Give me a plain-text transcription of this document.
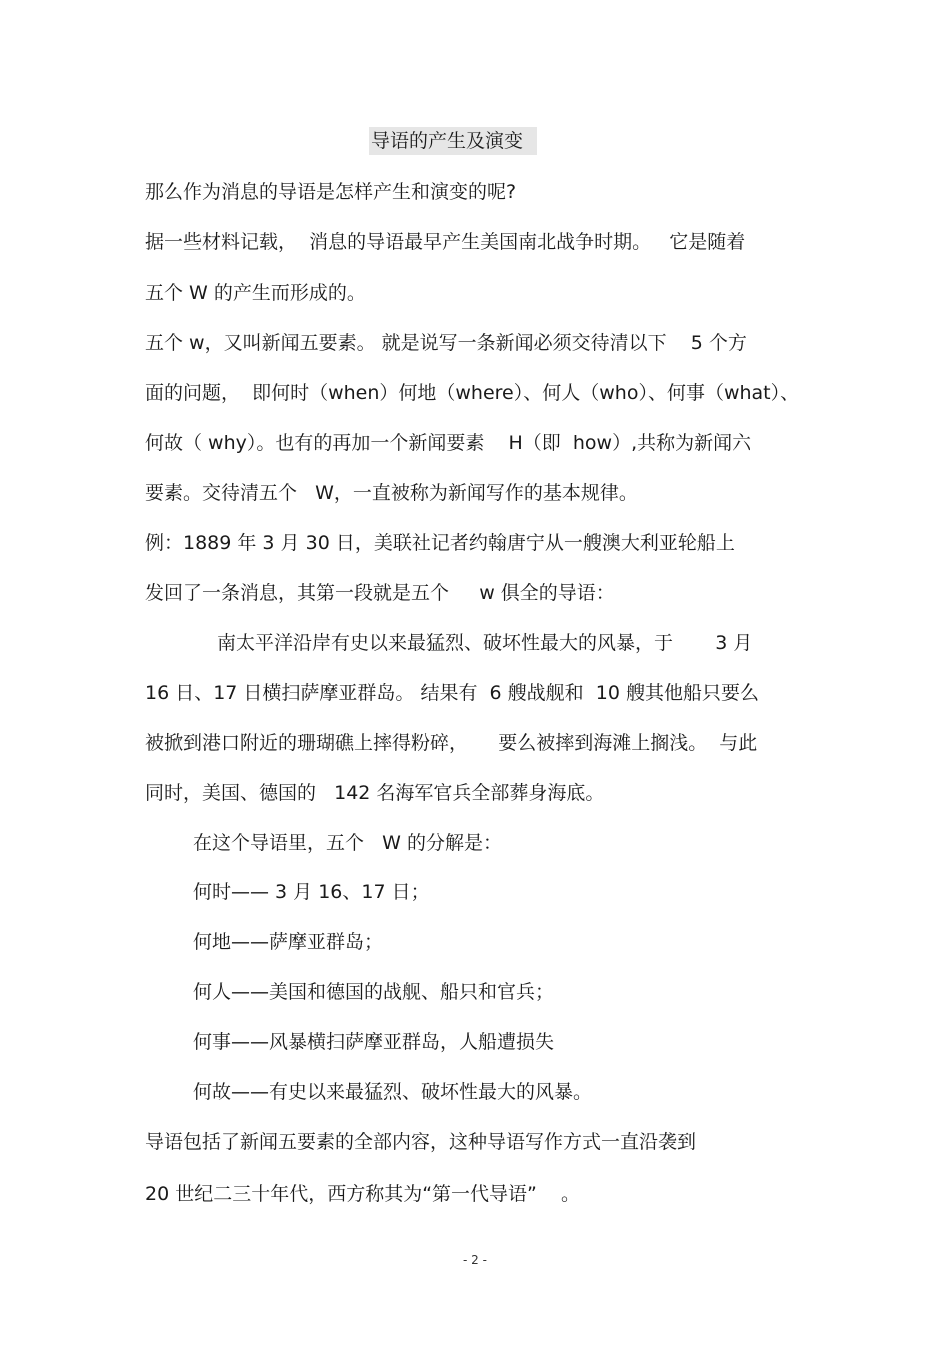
导语的产生及演变
那么作为消息的导语是怎样产生和演变的呢?
据一些材料记载，  消息的导语最早产生美国南北战争时期。   它是随着
五个 W 的产生而形成的。
五个 w，又叫新闻五要素。 就是说写一条新闻必须交待清以下    5 个方
面的问题，  即何时（when）何地（where）、何人（who）、何事（what）、
何故（ why）。也有的再加一个新闻要素    H（即  how）,共称为新闻六
要素。交待清五个   W，一直被称为新闻写作的基本规律。
例：1889 年 3 月 30 日，美联社记者约翰唐宁从一艘澳大利亚轮船上
发回了一条消息，其第一段就是五个     w 俱全的导语：
南太平洋沿岸有史以来最猛烈、破坏性最大的风暴，于       3 月
16 日、17 日横扫萨摩亚群岛。 结果有  6 艘战舰和  10 艘其他船只要么
被掀到港口附近的珊瑚礁上摔得粉碎，     要么被摔到海滩上搁浅。  与此
同时，美国、德国的   142 名海军官兵全部葬身海底。
在这个导语里，五个   W 的分解是：
何时—— 3 月 16、17 日；
何地——萨摩亚群岛；
何人——美国和德国的战舰、船只和官兵；
何事——风暴横扫萨摩亚群岛，人船遭损失
何故——有史以来最猛烈、破坏性最大的风暴。
导语包括了新闻五要素的全部内容，这种导语写作方式一直沿袭到
20 世纪二三十年代，西方称其为“第一代导语”    。
- 2 -
